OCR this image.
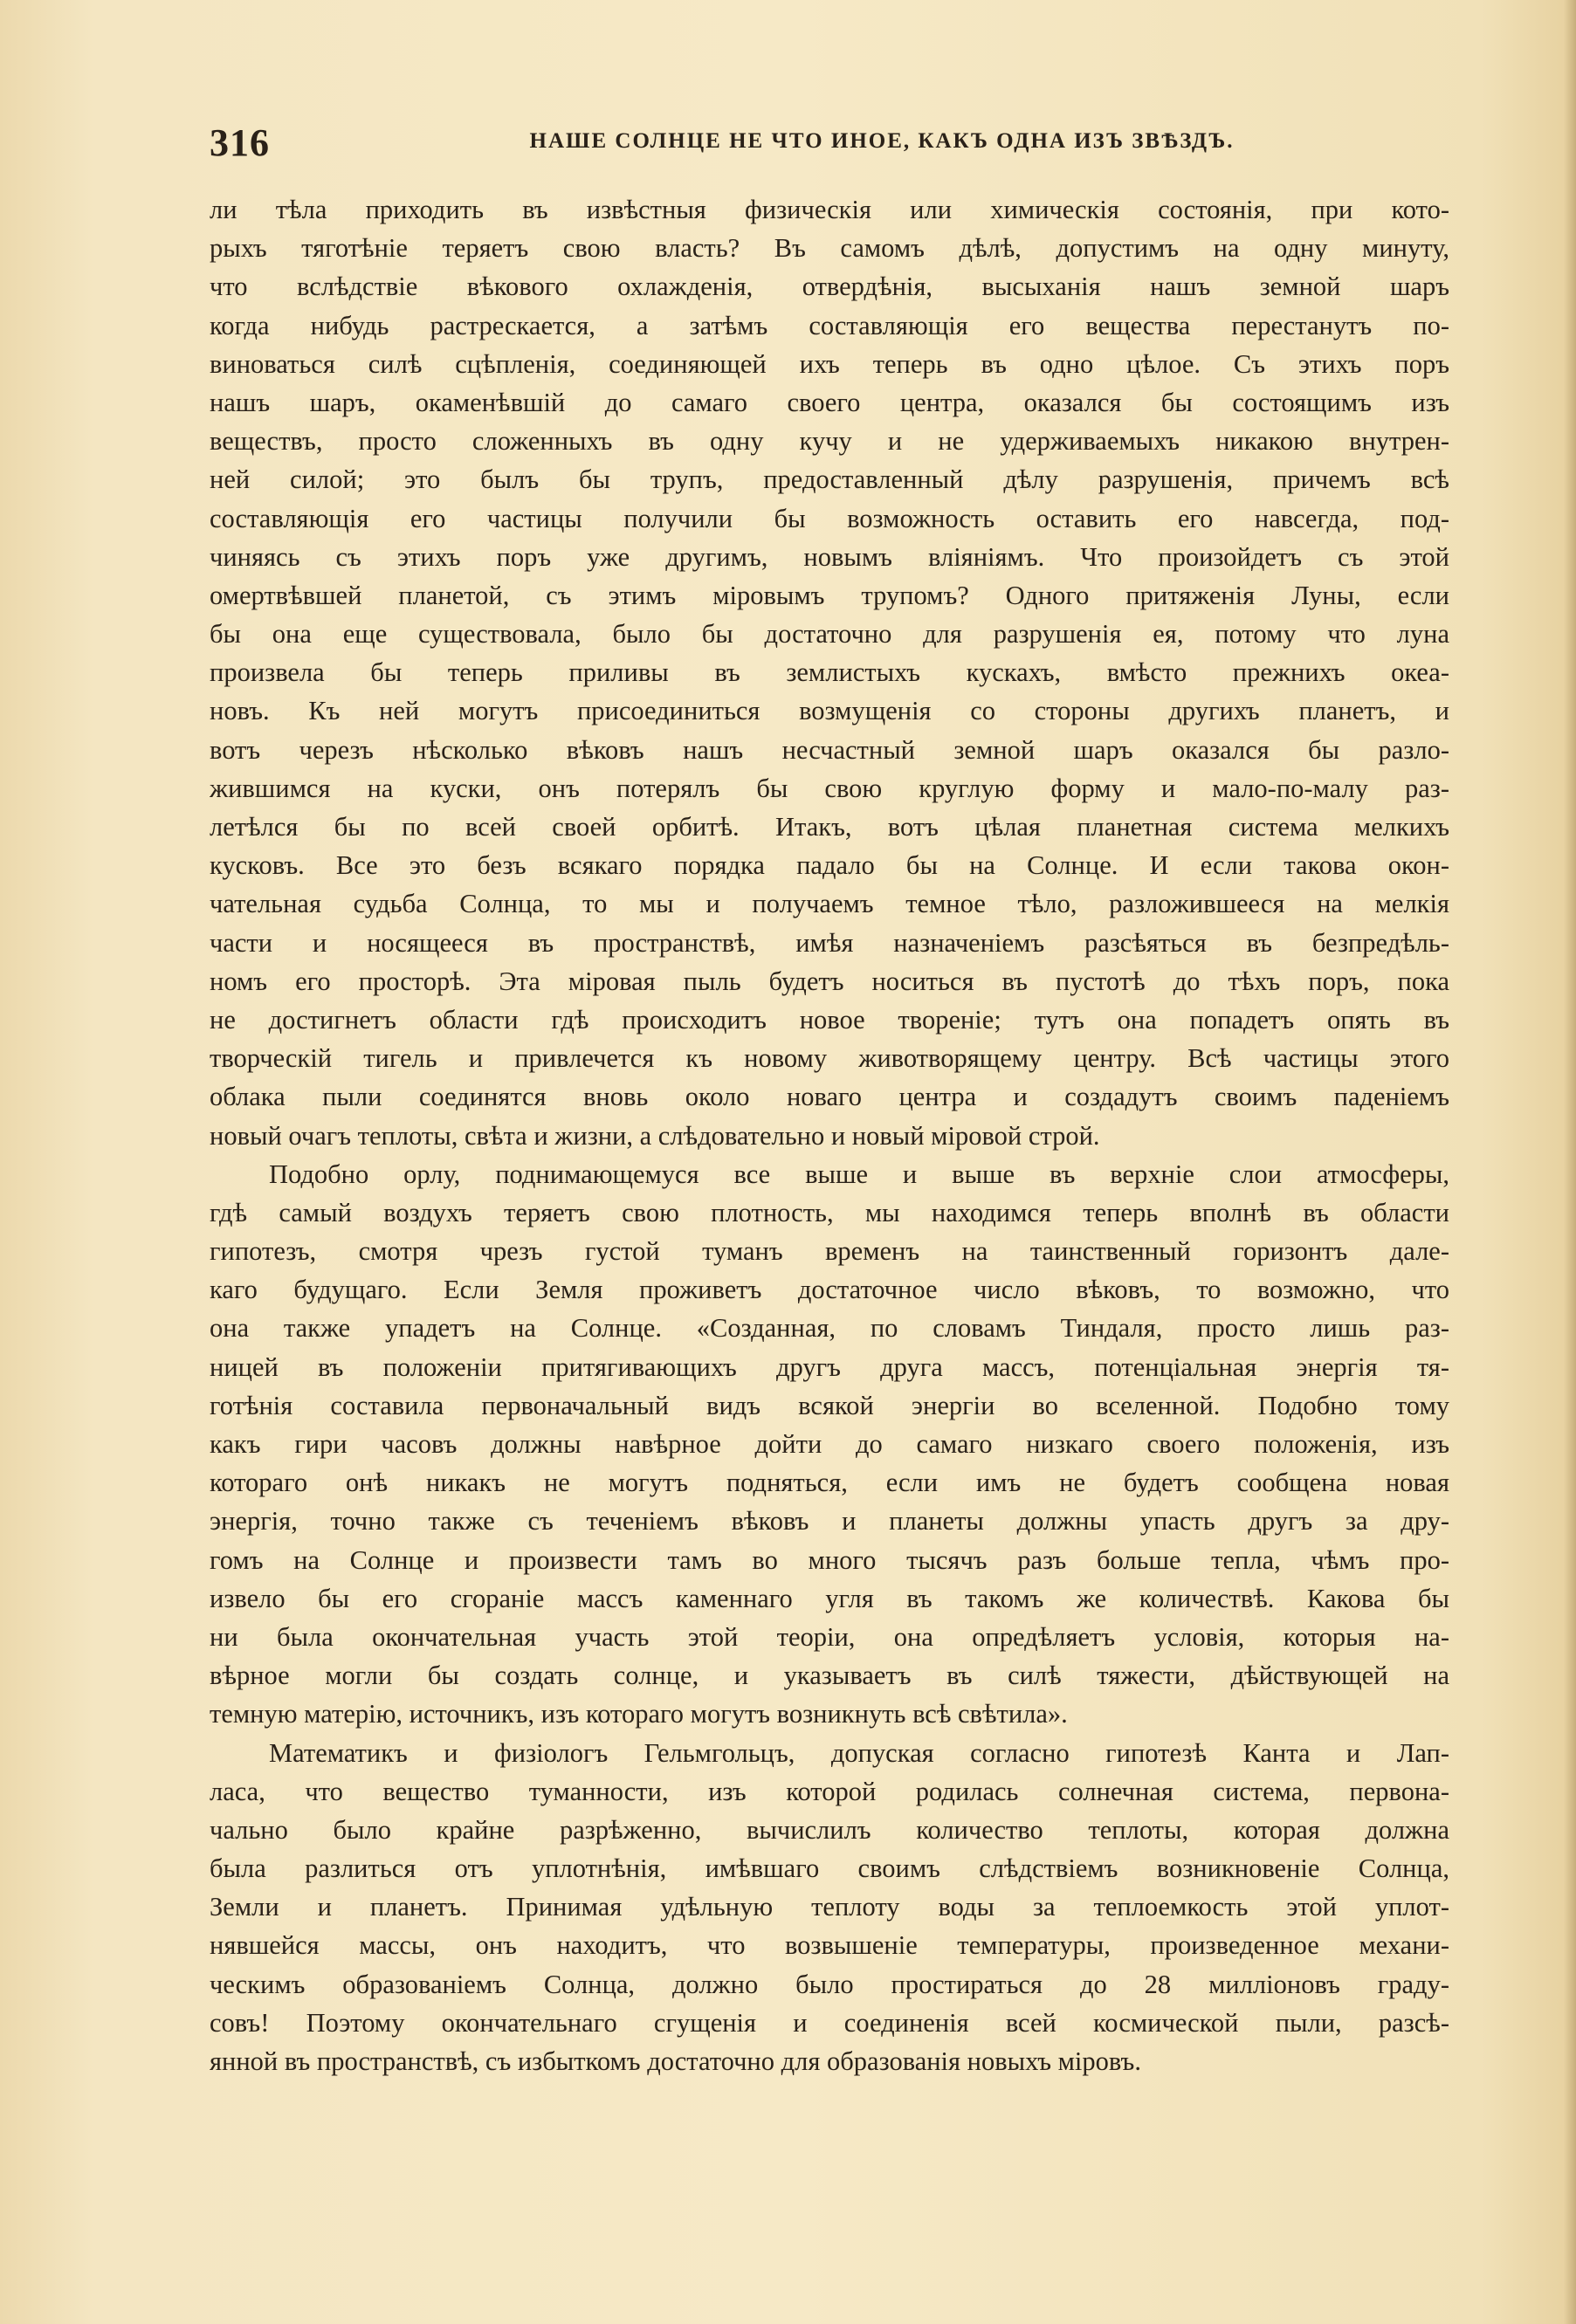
316	НАШЕ СОЛНЦЕ НЕ ЧТО ИНОЕ, КАКЪ ОДНА ИЗЪ ЗВѢЗДЪ.
ли тѣла приходить въ извѣстныя физическія или химическія состоянія, при кото-
рыхъ тяготѣніе теряетъ свою власть? Въ самомъ дѣлѣ, допустимъ на одну минуту,
что вслѣдствіе вѣкового охлажденія, отвердѣнія, высыханія нашъ земной шаръ
когда нибудь растрескается, а затѣмъ составляющія его вещества перестанутъ по-
виноваться силѣ сцѣпленія, соединяющей ихъ теперь въ одно цѣлое. Съ этихъ поръ
нашъ шаръ, окаменѣвшій до самаго своего центра, оказался бы состоящимъ изъ
веществъ, просто сложенныхъ въ одну кучу и не удерживаемыхъ никакою внутрен-
ней силой; это былъ бы трупъ, предоставленный дѣлу разрушенія, причемъ всѣ
составляющія его частицы получили бы возможность оставить его навсегда, под-
чиняясь съ этихъ поръ уже другимъ, новымъ вліяніямъ. Что произойдетъ съ этой
омертвѣвшей планетой, съ этимъ міровымъ трупомъ? Одного притяженія Луны, если
бы она еще существовала, было бы достаточно для разрушенія ея, потому что луна
произвела бы теперь приливы въ землистыхъ кускахъ, вмѣсто прежнихъ океа-
новъ. Къ ней могутъ присоединиться возмущенія со стороны другихъ планетъ, и
вотъ черезъ нѣсколько вѣковъ нашъ несчастный земной шаръ оказался бы разло-
жившимся на куски, онъ потерялъ бы свою круглую форму и мало-по-малу раз-
летѣлся бы по всей своей орбитѣ. Итакъ, вотъ цѣлая планетная система мелкихъ
кусковъ. Все это безъ всякаго порядка падало бы на Солнце. И если такова окон-
чательная судьба Солнца, то мы и получаемъ темное тѣло, разложившееся на мелкія
части и носящееся въ пространствѣ, имѣя назначеніемъ разсѣяться въ безпредѣль-
номъ его просторѣ. Эта міровая пыль будетъ носиться въ пустотѣ до тѣхъ поръ, пока
не достигнетъ области гдѣ происходитъ новое твореніе; тутъ она попадетъ опять въ
творческій тигель и привлечется къ новому животворящему центру. Всѣ частицы этого
облака пыли соединятся вновь около новаго центра и создадутъ своимъ паденіемъ
новый очагъ теплоты, свѣта и жизни, а слѣдовательно и новый міровой строй.
Подобно орлу, поднимающемуся все выше и выше въ верхніе слои атмосферы,
гдѣ самый воздухъ теряетъ свою плотность, мы находимся теперь вполнѣ въ области
гипотезъ, смотря чрезъ густой туманъ временъ на таинственный горизонтъ дале-
каго будущаго. Если Земля проживетъ достаточное число вѣковъ, то возможно, что
она также упадетъ на Солнце. «Созданная, по словамъ Тиндаля, просто лишь раз-
ницей въ положеніи притягивающихъ другъ друга массъ, потенціальная энергія тя-
готѣнія составила первоначальный видъ всякой энергіи во вселенной. Подобно тому
какъ гири часовъ должны навѣрное дойти до самаго низкаго своего положенія, изъ
котораго онѣ никакъ не могутъ подняться, если имъ не будетъ сообщена новая
энергія, точно также съ теченіемъ вѣковъ и планеты должны упасть другъ за дру-
гомъ на Солнце и произвести тамъ во много тысячъ разъ больше тепла, чѣмъ про-
извело бы его сгораніе массъ каменнаго угля въ такомъ же количествѣ. Какова бы
ни была окончательная участь этой теоріи, она опредѣляетъ условія, которыя на-
вѣрное могли бы создать солнце, и указываетъ въ силѣ тяжести, дѣйствующей на
темную матерію, источникъ, изъ котораго могутъ возникнуть всѣ свѣтила».
Математикъ и физіологъ Гельмгольцъ, допуская согласно гипотезѣ Канта и Лап-
ласа, что вещество туманности, изъ которой родилась солнечная система, первона-
чально было крайне разрѣженно, вычислилъ количество теплоты, которая должна
была разлиться отъ уплотнѣнія, имѣвшаго своимъ слѣдствіемъ возникновеніе Солнца,
Земли и планетъ. Принимая удѣльную теплоту воды за теплоемкость этой уплот-
нявшейся массы, онъ находитъ, что возвышеніе температуры, произведенное механи-
ческимъ образованіемъ Солнца, должно было простираться до 28 милліоновъ граду-
совъ! Поэтому окончательнаго сгущенія и соединенія всей космической пыли, разсѣ-
янной въ пространствѣ, съ избыткомъ достаточно для образованія новыхъ міровъ.
